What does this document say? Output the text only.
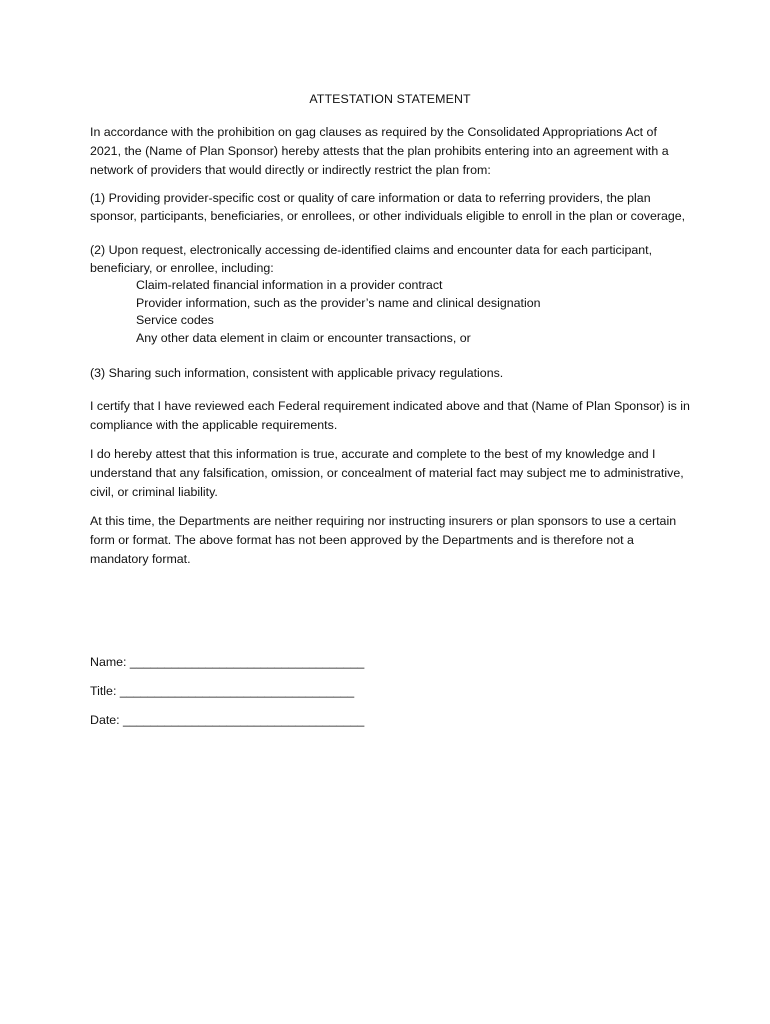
ATTESTATION STATEMENT

In accordance with the prohibition on gag clauses as required by the Consolidated Appropriations Act of 2021, the (Name of Plan Sponsor) hereby attests that the plan prohibits entering into an agreement with a network of providers that would directly or indirectly restrict the plan from:

(1) Providing provider-specific cost or quality of care information or data to referring providers, the plan sponsor, participants, beneficiaries, or enrollees, or other individuals eligible to enroll in the plan or coverage,

(2) Upon request, electronically accessing de-identified claims and encounter data for each participant, beneficiary, or enrollee, including:

Claim-related financial information in a provider contract
Provider information, such as the provider’s name and clinical designation
Service codes
Any other data element in claim or encounter transactions, or

(3) Sharing such information, consistent with applicable privacy regulations.

I certify that I have reviewed each Federal requirement indicated above and that (Name of Plan Sponsor) is in compliance with the applicable requirements.

I do hereby attest that this information is true, accurate and complete to the best of my knowledge and I understand that any falsification, omission, or concealment of material fact may subject me to administrative, civil, or criminal liability.

At this time, the Departments are neither requiring nor instructing insurers or plan sponsors to use a certain form or format. The above format has not been approved by the Departments and is therefore not a mandatory format.

Name: __________________________________
Title: __________________________________
Date: ___________________________________
